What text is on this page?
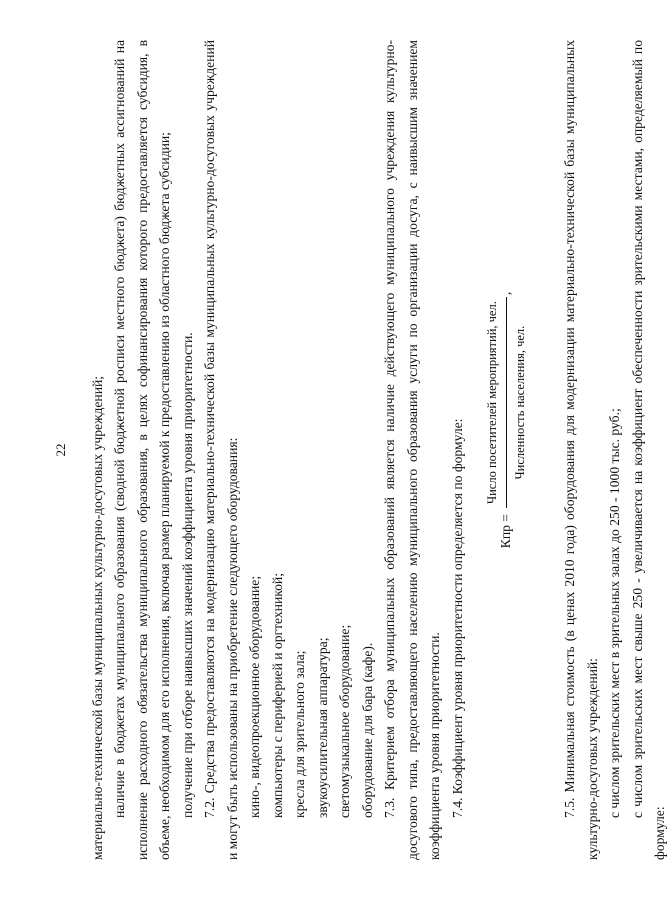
22	материально-технической базы муниципальных культурно-досуговых учреждений; наличие в бюджетах муниципального образования (сводной бюджетной росписи местного бюджета) бюджетных ассигнований на исполнение расходного обязательства муниципального образования, в целях софинансирования которого предоставляется субсидия, в объеме, необходимом для его исполнения, включая размер планируемой к предоставлению из областного бюджета субсидии; получение при отборе наивысших значений коэффициента уровня приоритетности. 7.2. Средства предоставляются на модернизацию материально-технической базы муниципальных культурно-досуговых учреждений и могут быть использованы на приобретение следующего оборудования: кино-, видеопроекционное оборудование; компьютеры с периферией и оргтехникой; кресла для зрительного зала; звукоусилительная аппаратура; светомузыкальное оборудование; оборудование для бара (кафе). 7.3. Критерием отбора муниципальных образований является наличие действующего муниципального учреждения культурно-досугового типа, предоставляющего населению муниципального образования услуги по организации досуга, с наивысшим значением коэффициента уровня приоритетности. 7.4. Коэффициент уровня приоритетности определяется по формуле:	Кпр =
Число посетителей мероприятий, чел.	Численность населения, чел.
,	7.5. Минимальная стоимость (в ценах 2010 года) оборудования для модернизации материально-технической базы муниципальных культурно-досуговых учреждений: с числом зрительских мест в зрительных залах до 250 - 1000 тыс. руб.; с числом зрительских мест свыше 250 - увеличивается на коэффициент обеспеченности зрительскими местами, определяемый по формуле:
